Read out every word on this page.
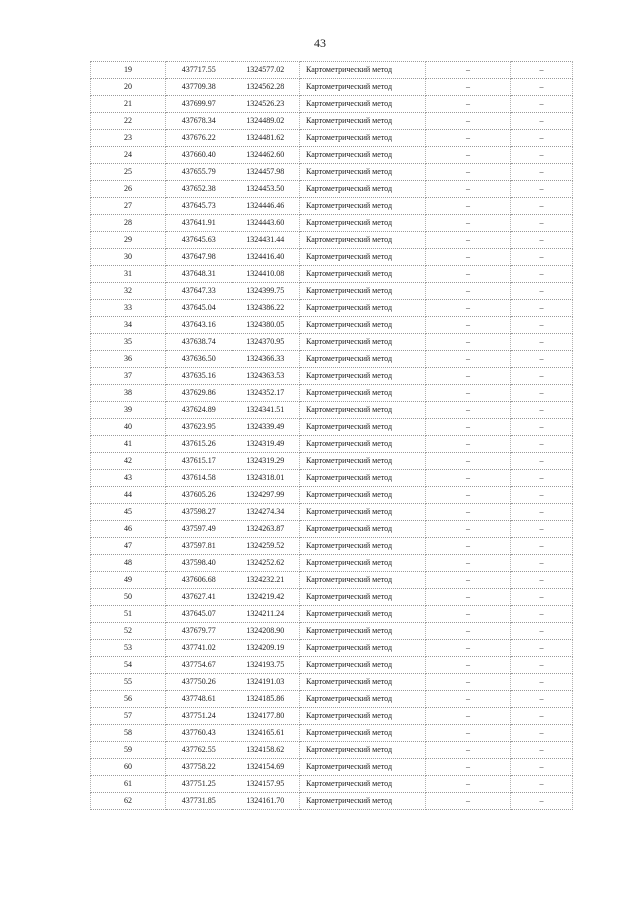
43
19	437717.55	1324577.02	Картометрический метод	–	–
20	437709.38	1324562.28	Картометрический метод	–	–
21	437699.97	1324526.23	Картометрический метод	–	–
22	437678.34	1324489.02	Картометрический метод	–	–
23	437676.22	1324481.62	Картометрический метод	–	–
24	437660.40	1324462.60	Картометрический метод	–	–
25	437655.79	1324457.98	Картометрический метод	–	–
26	437652.38	1324453.50	Картометрический метод	–	–
27	437645.73	1324446.46	Картометрический метод	–	–
28	437641.91	1324443.60	Картометрический метод	–	–
29	437645.63	1324431.44	Картометрический метод	–	–
30	437647.98	1324416.40	Картометрический метод	–	–
31	437648.31	1324410.08	Картометрический метод	–	–
32	437647.33	1324399.75	Картометрический метод	–	–
33	437645.04	1324386.22	Картометрический метод	–	–
34	437643.16	1324380.05	Картометрический метод	–	–
35	437638.74	1324370.95	Картометрический метод	–	–
36	437636.50	1324366.33	Картометрический метод	–	–
37	437635.16	1324363.53	Картометрический метод	–	–
38	437629.86	1324352.17	Картометрический метод	–	–
39	437624.89	1324341.51	Картометрический метод	–	–
40	437623.95	1324339.49	Картометрический метод	–	–
41	437615.26	1324319.49	Картометрический метод	–	–
42	437615.17	1324319.29	Картометрический метод	–	–
43	437614.58	1324318.01	Картометрический метод	–	–
44	437605.26	1324297.99	Картометрический метод	–	–
45	437598.27	1324274.34	Картометрический метод	–	–
46	437597.49	1324263.87	Картометрический метод	–	–
47	437597.81	1324259.52	Картометрический метод	–	–
48	437598.40	1324252.62	Картометрический метод	–	–
49	437606.68	1324232.21	Картометрический метод	–	–
50	437627.41	1324219.42	Картометрический метод	–	–
51	437645.07	1324211.24	Картометрический метод	–	–
52	437679.77	1324208.90	Картометрический метод	–	–
53	437741.02	1324209.19	Картометрический метод	–	–
54	437754.67	1324193.75	Картометрический метод	–	–
55	437750.26	1324191.03	Картометрический метод	–	–
56	437748.61	1324185.86	Картометрический метод	–	–
57	437751.24	1324177.80	Картометрический метод	–	–
58	437760.43	1324165.61	Картометрический метод	–	–
59	437762.55	1324158.62	Картометрический метод	–	–
60	437758.22	1324154.69	Картометрический метод	–	–
61	437751.25	1324157.95	Картометрический метод	–	–
62	437731.85	1324161.70	Картометрический метод	–	–
